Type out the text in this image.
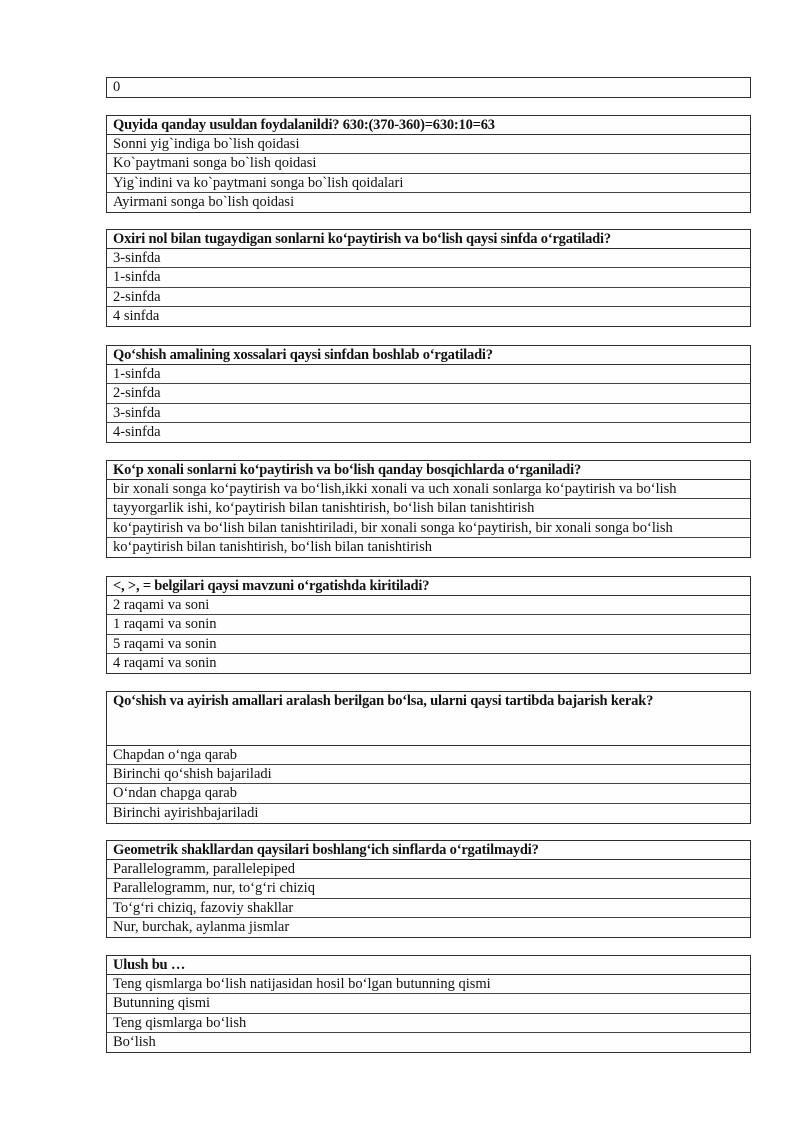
0
Quyida qanday usuldan foydalanildi? 630:(370-360)=630:10=63
Sonni yig`indiga bo`lish qoidasi
Ko`paytmani songa bo`lish qoidasi
Yig`indini va ko`paytmani songa bo`lish qoidalari
Ayirmani songa bo`lish qoidasi
Oxiri nol bilan tugaydigan sonlarni koʻpaytirish va boʻlish qaysi sinfda oʻrgatiladi?
3-sinfda
1-sinfda
2-sinfda
4 sinfda
Qoʻshish amalining xossalari qaysi sinfdan boshlab oʻrgatiladi?
1-sinfda
2-sinfda
3-sinfda
4-sinfda
Koʻp xonali sonlarni koʻpaytirish va boʻlish qanday bosqichlarda oʻrganiladi?
bir xonali songa koʻpaytirish va boʻlish,ikki xonali va uch xonali sonlarga koʻpaytirish va boʻlish
tayyorgarlik ishi, koʻpaytirish bilan tanishtirish, boʻlish bilan tanishtirish
koʻpaytirish va boʻlish bilan tanishtiriladi, bir xonali songa koʻpaytirish, bir xonali songa boʻlish
koʻpaytirish bilan tanishtirish, boʻlish bilan tanishtirish
<, >, = belgilari qaysi mavzuni oʻrgatishda kiritiladi?
2 raqami va soni
1 raqami va sonin
5 raqami va sonin
4 raqami va sonin
Qoʻshish va ayirish amallari aralash berilgan boʻlsa, ularni qaysi tartibda bajarish kerak?
Chapdan oʻnga qarab
Birinchi qoʻshish bajariladi
Oʻndan chapga qarab
Birinchi ayirishbajariladi
Geometrik shakllardan qaysilari boshlangʻich sinflarda oʻrgatilmaydi?
Parallelogramm, parallelepiped
Parallelogramm, nur, toʻgʻri chiziq
Toʻgʻri chiziq, fazoviy shakllar
Nur, burchak, aylanma jismlar
Ulush bu …
Teng qismlarga boʻlish natijasidan hosil boʻlgan butunning qismi
Butunning qismi
Teng qismlarga boʻlish
Boʻlish
